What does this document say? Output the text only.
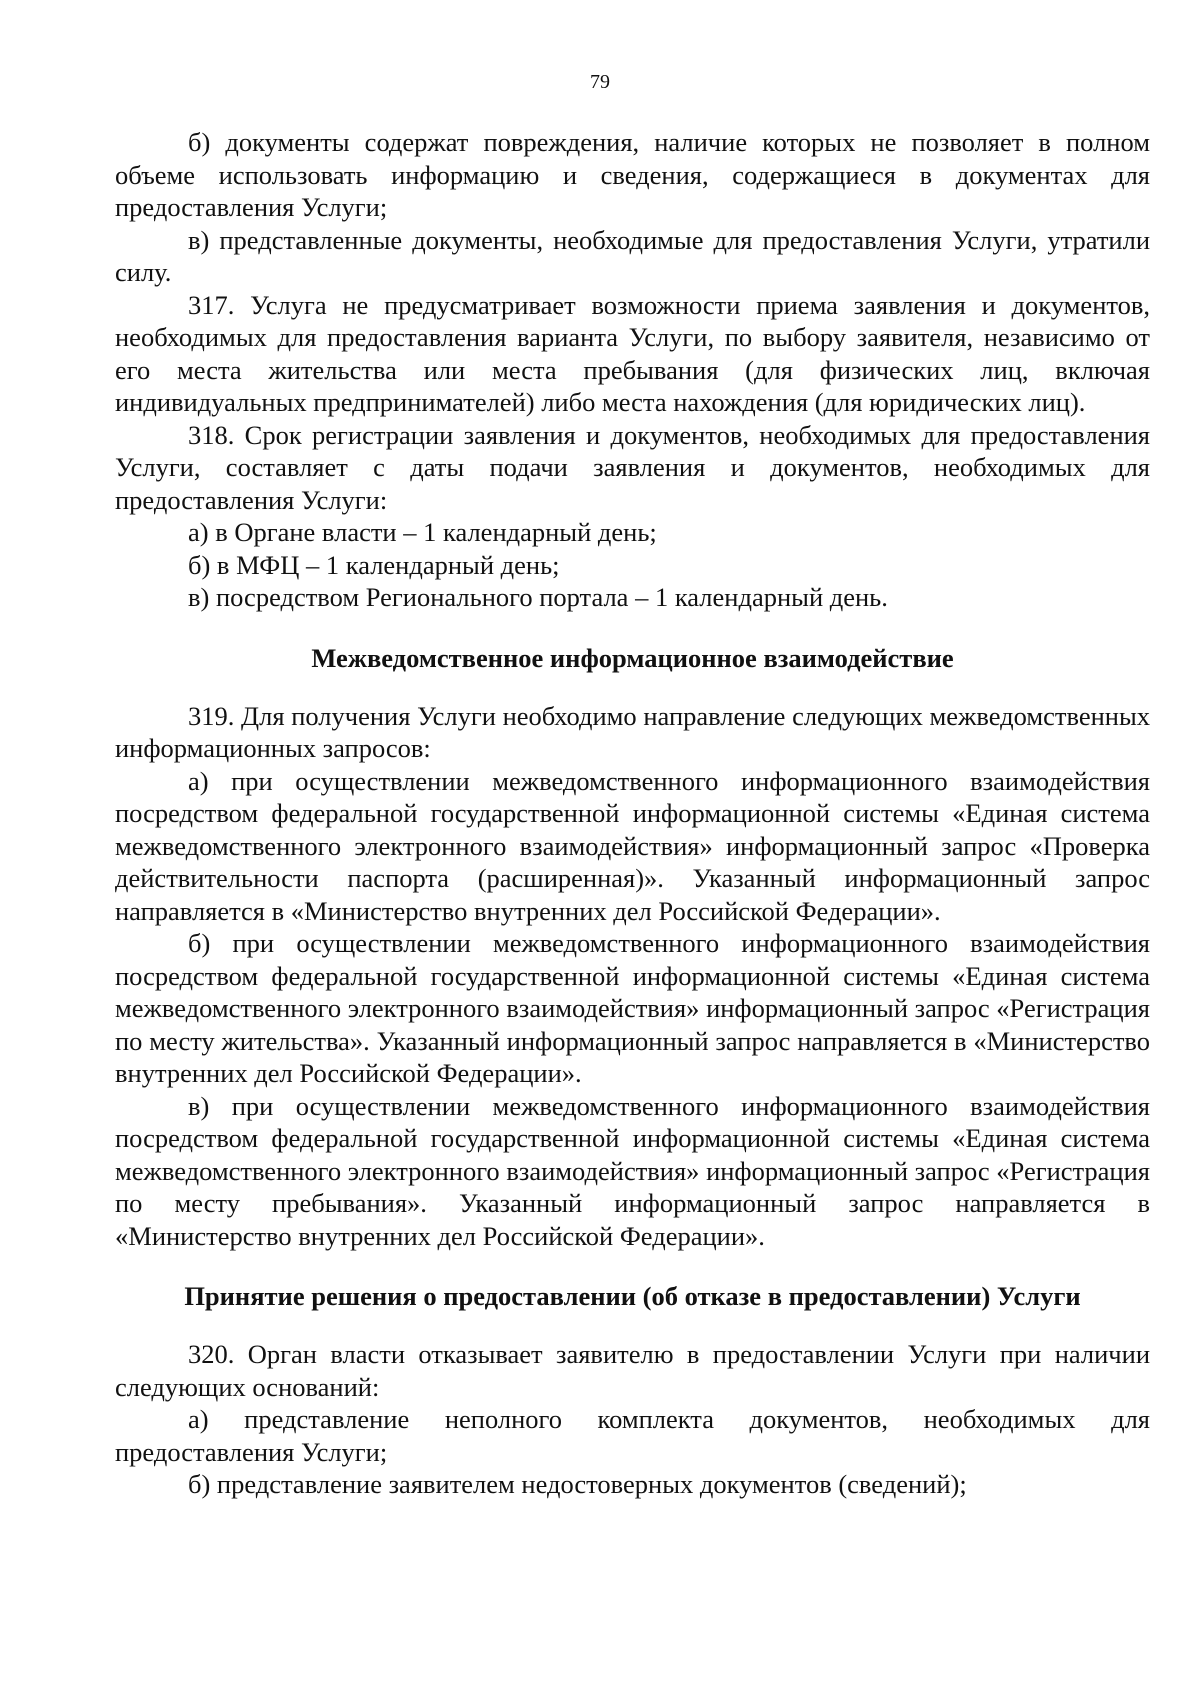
79

б) документы содержат повреждения, наличие которых не позволяет в полном объеме использовать информацию и сведения, содержащиеся в документах для предоставления Услуги;

в) представленные документы, необходимые для предоставления Услуги, утратили силу.

317. Услуга не предусматривает возможности приема заявления и документов, необходимых для предоставления варианта Услуги, по выбору заявителя, независимо от его места жительства или места пребывания (для физических лиц, включая индивидуальных предпринимателей) либо места нахождения (для юридических лиц).

318. Срок регистрации заявления и документов, необходимых для предоставления Услуги, составляет с даты подачи заявления и документов, необходимых для предоставления Услуги:

а) в Органе власти – 1 календарный день;

б) в МФЦ – 1 календарный день;

в) посредством Регионального портала – 1 календарный день.

Межведомственное информационное взаимодействие

319. Для получения Услуги необходимо направление следующих межведомственных информационных запросов:

а) при осуществлении межведомственного информационного взаимодействия посредством федеральной государственной информационной системы «Единая система межведомственного электронного взаимодействия» информационный запрос «Проверка действительности паспорта (расширенная)». Указанный информационный запрос направляется в «Министерство внутренних дел Российской Федерации».

б) при осуществлении межведомственного информационного взаимодействия посредством федеральной государственной информационной системы «Единая система межведомственного электронного взаимодействия» информационный запрос «Регистрация по месту жительства». Указанный информационный запрос направляется в «Министерство внутренних дел Российской Федерации».

в) при осуществлении межведомственного информационного взаимодействия посредством федеральной государственной информационной системы «Единая система межведомственного электронного взаимодействия» информационный запрос «Регистрация по месту пребывания». Указанный информационный запрос направляется в «Министерство внутренних дел Российской Федерации».

Принятие решения о предоставлении (об отказе в предоставлении) Услуги

320. Орган власти отказывает заявителю в предоставлении Услуги при наличии следующих оснований:

а) представление неполного комплекта документов, необходимых для предоставления Услуги;

б) представление заявителем недостоверных документов (сведений);
